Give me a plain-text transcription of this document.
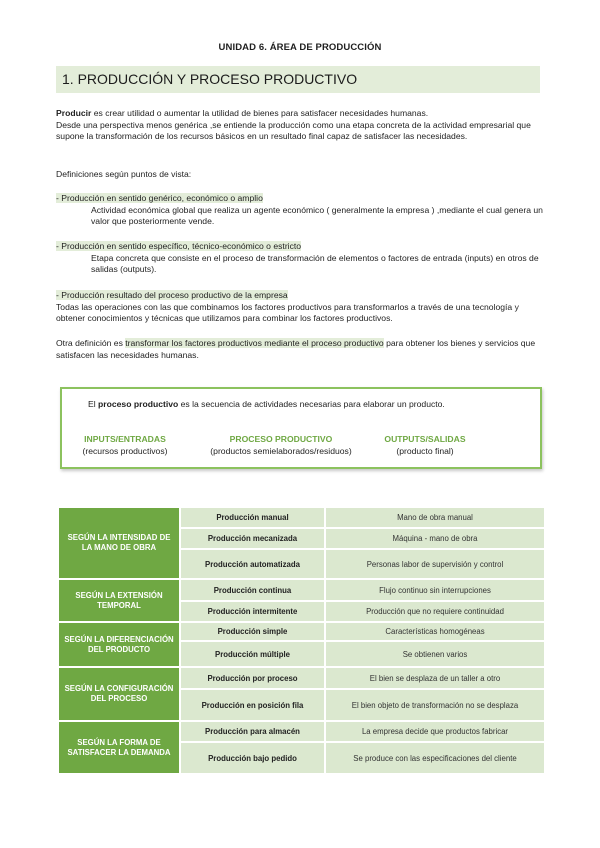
UNIDAD 6. ÁREA DE PRODUCCIÓN
1. PRODUCCIÓN Y PROCESO PRODUCTIVO
Producir es crear utilidad o aumentar la utilidad de bienes para satisfacer necesidades humanas.
Desde una perspectiva menos genérica ,se entiende la producción como una etapa concreta de la actividad empresarial que supone la transformación de los recursos básicos en un resultado final capaz de satisfacer las necesidades.
Definiciones según puntos de vista:
- Producción en sentido genérico, económico o amplio
Actividad económica global que realiza un agente económico ( generalmente la empresa ) ,mediante el cual genera un valor que posteriormente vende.
- Producción en sentido específico, técnico-económico o estricto
Etapa concreta que consiste en el proceso de transformación de elementos o factores de entrada (inputs) en otros de salidas (outputs).
- Producción resultado del proceso productivo de la empresa
Todas las operaciones con las que combinamos los factores productivos para transformarlos a través de una tecnología y obtener conocimientos y técnicas que utilizamos para combinar los factores productivos.
Otra definición es transformar los factores productivos mediante el proceso productivo para obtener los bienes y servicios que satisfacen las necesidades humanas.
El proceso productivo es la secuencia de actividades necesarias para elaborar un producto.
INPUTS/ENTRADAS
(recursos productivos)
PROCESO PRODUCTIVO
(productos semielaborados/residuos)
OUTPUTS/SALIDAS
(producto final)
SEGÚN LA INTENSIDAD DE LA MANO DE OBRA	Producción manual	Mano de obra manual
	Producción mecanizada	Máquina - mano de obra
	Producción automatizada	Personas labor de supervisión y control
SEGÚN LA EXTENSIÓN TEMPORAL	Producción continua	Flujo continuo sin interrupciones
	Producción intermitente	Producción que no requiere continuidad
SEGÚN LA DIFERENCIACIÓN DEL PRODUCTO	Producción simple	Características homogéneas
	Producción múltiple	Se obtienen varios
SEGÚN LA CONFIGURACIÓN DEL PROCESO	Producción por proceso	El bien se desplaza de un taller a otro
	Producción en posición fila	El bien objeto de transformación no se desplaza
SEGÚN LA FORMA DE SATISFACER LA DEMANDA	Producción para almacén	La empresa decide que productos fabricar
	Producción bajo pedido	Se produce con las especificaciones del cliente
